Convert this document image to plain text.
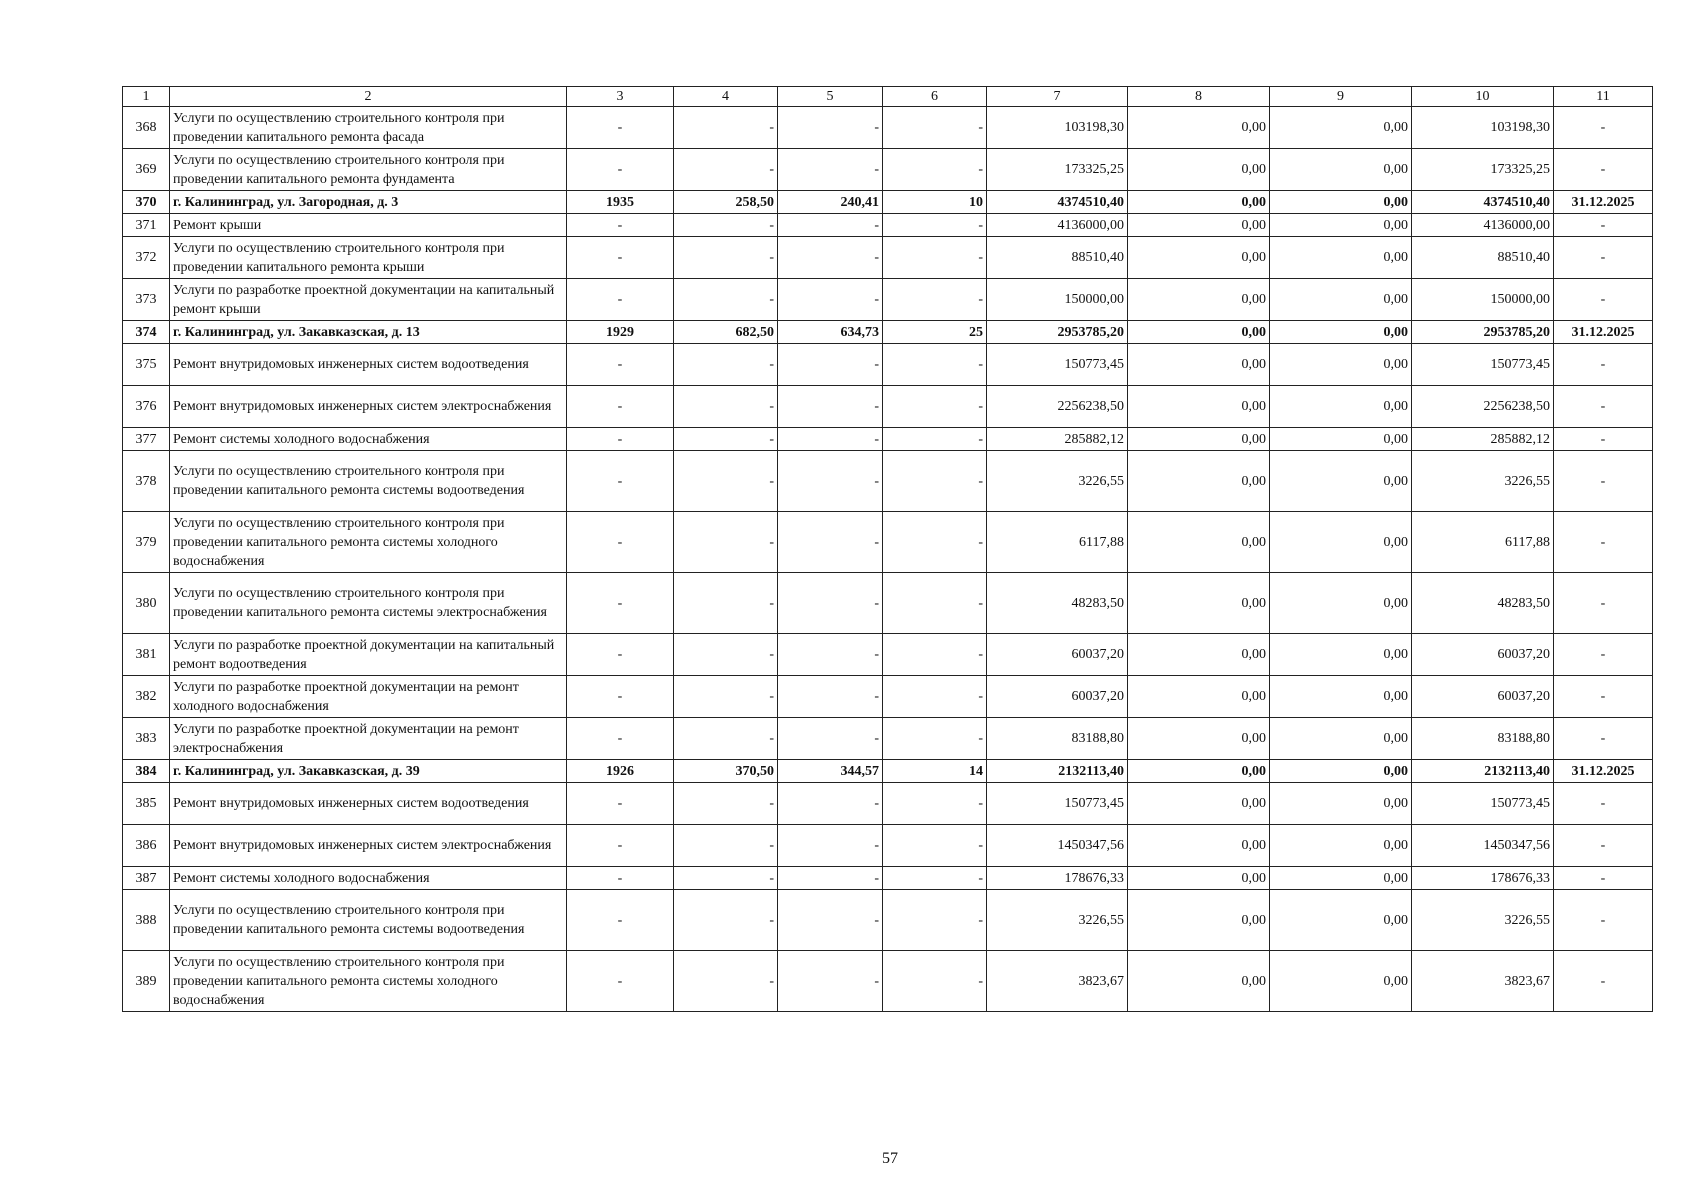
1	2	3	4	5	6	7	8	9	10	11
368	Услуги по осуществлению строительного контроля при проведении капитального ремонта фасада	-	-	-	-	103198,30	0,00	0,00	103198,30	-
369	Услуги по осуществлению строительного контроля при проведении капитального ремонта фундамента	-	-	-	-	173325,25	0,00	0,00	173325,25	-
370	г. Калининград, ул. Загородная, д. 3	1935	258,50	240,41	10	4374510,40	0,00	0,00	4374510,40	31.12.2025
371	Ремонт крыши	-	-	-	-	4136000,00	0,00	0,00	4136000,00	-
372	Услуги по осуществлению строительного контроля при проведении капитального ремонта крыши	-	-	-	-	88510,40	0,00	0,00	88510,40	-
373	Услуги по разработке проектной документации на капитальный ремонт крыши	-	-	-	-	150000,00	0,00	0,00	150000,00	-
374	г. Калининград, ул. Закавказская, д. 13	1929	682,50	634,73	25	2953785,20	0,00	0,00	2953785,20	31.12.2025
375	Ремонт внутридомовых инженерных систем водоотведения	-	-	-	-	150773,45	0,00	0,00	150773,45	-
376	Ремонт внутридомовых инженерных систем электроснабжения	-	-	-	-	2256238,50	0,00	0,00	2256238,50	-
377	Ремонт системы холодного водоснабжения	-	-	-	-	285882,12	0,00	0,00	285882,12	-
378	Услуги по осуществлению строительного контроля при проведении капитального ремонта системы водоотведения	-	-	-	-	3226,55	0,00	0,00	3226,55	-
379	Услуги по осуществлению строительного контроля при проведении капитального ремонта системы холодного водоснабжения	-	-	-	-	6117,88	0,00	0,00	6117,88	-
380	Услуги по осуществлению строительного контроля при проведении капитального ремонта системы электроснабжения	-	-	-	-	48283,50	0,00	0,00	48283,50	-
381	Услуги по разработке проектной документации на капитальный ремонт водоотведения	-	-	-	-	60037,20	0,00	0,00	60037,20	-
382	Услуги по разработке проектной документации на ремонт холодного водоснабжения	-	-	-	-	60037,20	0,00	0,00	60037,20	-
383	Услуги по разработке проектной документации на ремонт электроснабжения	-	-	-	-	83188,80	0,00	0,00	83188,80	-
384	г. Калининград, ул. Закавказская, д. 39	1926	370,50	344,57	14	2132113,40	0,00	0,00	2132113,40	31.12.2025
385	Ремонт внутридомовых инженерных систем водоотведения	-	-	-	-	150773,45	0,00	0,00	150773,45	-
386	Ремонт внутридомовых инженерных систем электроснабжения	-	-	-	-	1450347,56	0,00	0,00	1450347,56	-
387	Ремонт системы холодного водоснабжения	-	-	-	-	178676,33	0,00	0,00	178676,33	-
388	Услуги по осуществлению строительного контроля при проведении капитального ремонта системы водоотведения	-	-	-	-	3226,55	0,00	0,00	3226,55	-
389	Услуги по осуществлению строительного контроля при проведении капитального ремонта системы холодного водоснабжения	-	-	-	-	3823,67	0,00	0,00	3823,67	-
57
